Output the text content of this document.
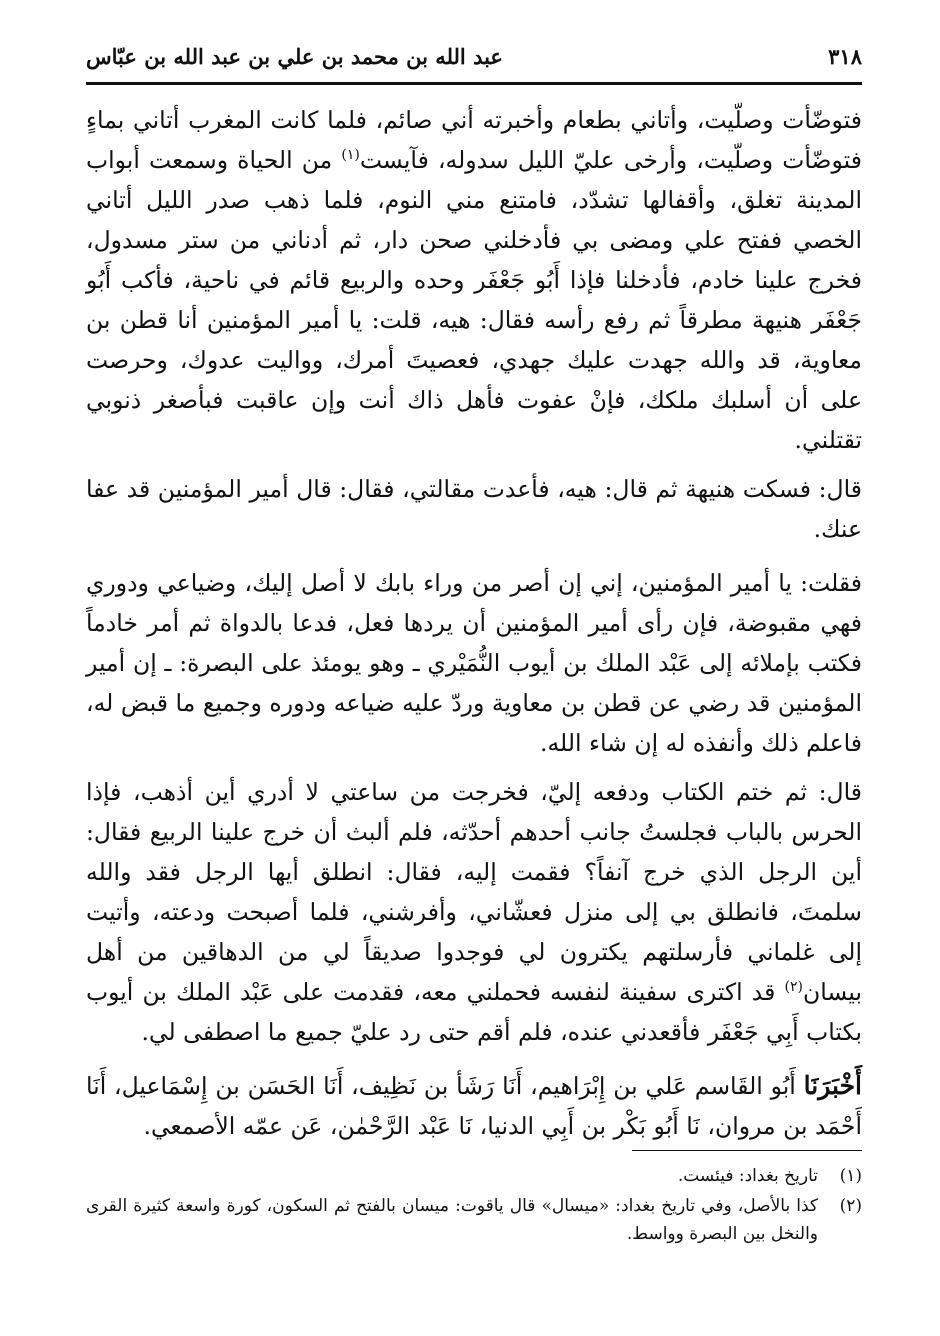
٣١٨
عبد الله بن محمد بن علي بن عبد الله بن عبّاس

فتوضّأت وصلّيت، وأتاني بطعام وأخبرته أني صائم، فلما كانت المغرب أتاني بماءٍ فتوضّأت وصلّيت، وأرخى عليّ الليل سدوله، فآيست$^{(١)}$ من الحياة وسمعت أبواب المدينة تغلق، وأقفالها تشدّد، فامتنع مني النوم، فلما ذهب صدر الليل أتاني الخصي ففتح علي ومضى بي فأدخلني صحن دار، ثم أدناني من ستر مسدول، فخرج علينا خادم، فأدخلنا فإذا أَبُو جَعْفَر وحده والربيع قائم في ناحية، فأكب أَبُو جَعْفَر هنيهة مطرقاً ثم رفع رأسه فقال: هيه، قلت: يا أمير المؤمنين أنا قطن بن معاوية، قد والله جهدت عليك جهدي، فعصيتَ أمرك، وواليت عدوك، وحرصت على أن أسلبك ملكك، فإنْ عفوت فأهل ذاك أنت وإن عاقبت فبأصغر ذنوبي تقتلني.

قال: فسكت هنيهة ثم قال: هيه، فأعدت مقالتي، فقال: قال أمير المؤمنين قد عفا عنك.

فقلت: يا أمير المؤمنين، إني إن أصر من وراء بابك لا أصل إليك، وضياعي ودوري فهي مقبوضة، فإن رأى أمير المؤمنين أن يردها فعل، فدعا بالدواة ثم أمر خادماً فكتب بإملائه إلى عَبْد الملك بن أيوب النُّمَيْري ـ وهو يومئذ على البصرة: ـ إن أمير المؤمنين قد رضي عن قطن بن معاوية وردّ عليه ضياعه ودوره وجميع ما قبض له، فاعلم ذلك وأنفذه له إن شاء الله.

قال: ثم ختم الكتاب ودفعه إليّ، فخرجت من ساعتي لا أدري أين أذهب، فإذا الحرس بالباب فجلستُ جانب أحدهم أحدّثه، فلم ألبث أن خرج علينا الربيع فقال: أين الرجل الذي خرج آنفاً؟ فقمت إليه، فقال: انطلق أيها الرجل فقد والله سلمتَ، فانطلق بي إلى منزل فعشّاني، وأفرشني، فلما أصبحت ودعته، وأتيت إلى غلماني فأرسلتهم يكترون لي فوجدوا صديقاً لي من الدهاقين من أهل بيسان$^{(٢)}$ قد اكترى سفينة لنفسه فحملني معه، فقدمت على عَبْد الملك بن أيوب بكتاب أَبِي جَعْفَر فأقعدني عنده، فلم أقم حتى رد عليّ جميع ما اصطفى لي.

أَخْبَرَنَا أَبُو القَاسم عَلي بن إِبْرَاهيم، أَنَا رَشَأ بن نَظِيف، أَنَا الحَسَن بن إِسْمَاعيل، أَنَا أَحْمَد بن مروان، نَا أَبُو بَكْر بن أَبِي الدنيا، نَا عَبْد الرَّحْمٰن، عَن عمّه الأصمعي.

(١)
تاريخ بغداد: فيئست.
(٢)
كذا بالأصل، وفي تاريخ بغداد: «ميسال» قال ياقوت: ميسان بالفتح ثم السكون، كورة واسعة كثيرة القرى والنخل بين البصرة وواسط.
